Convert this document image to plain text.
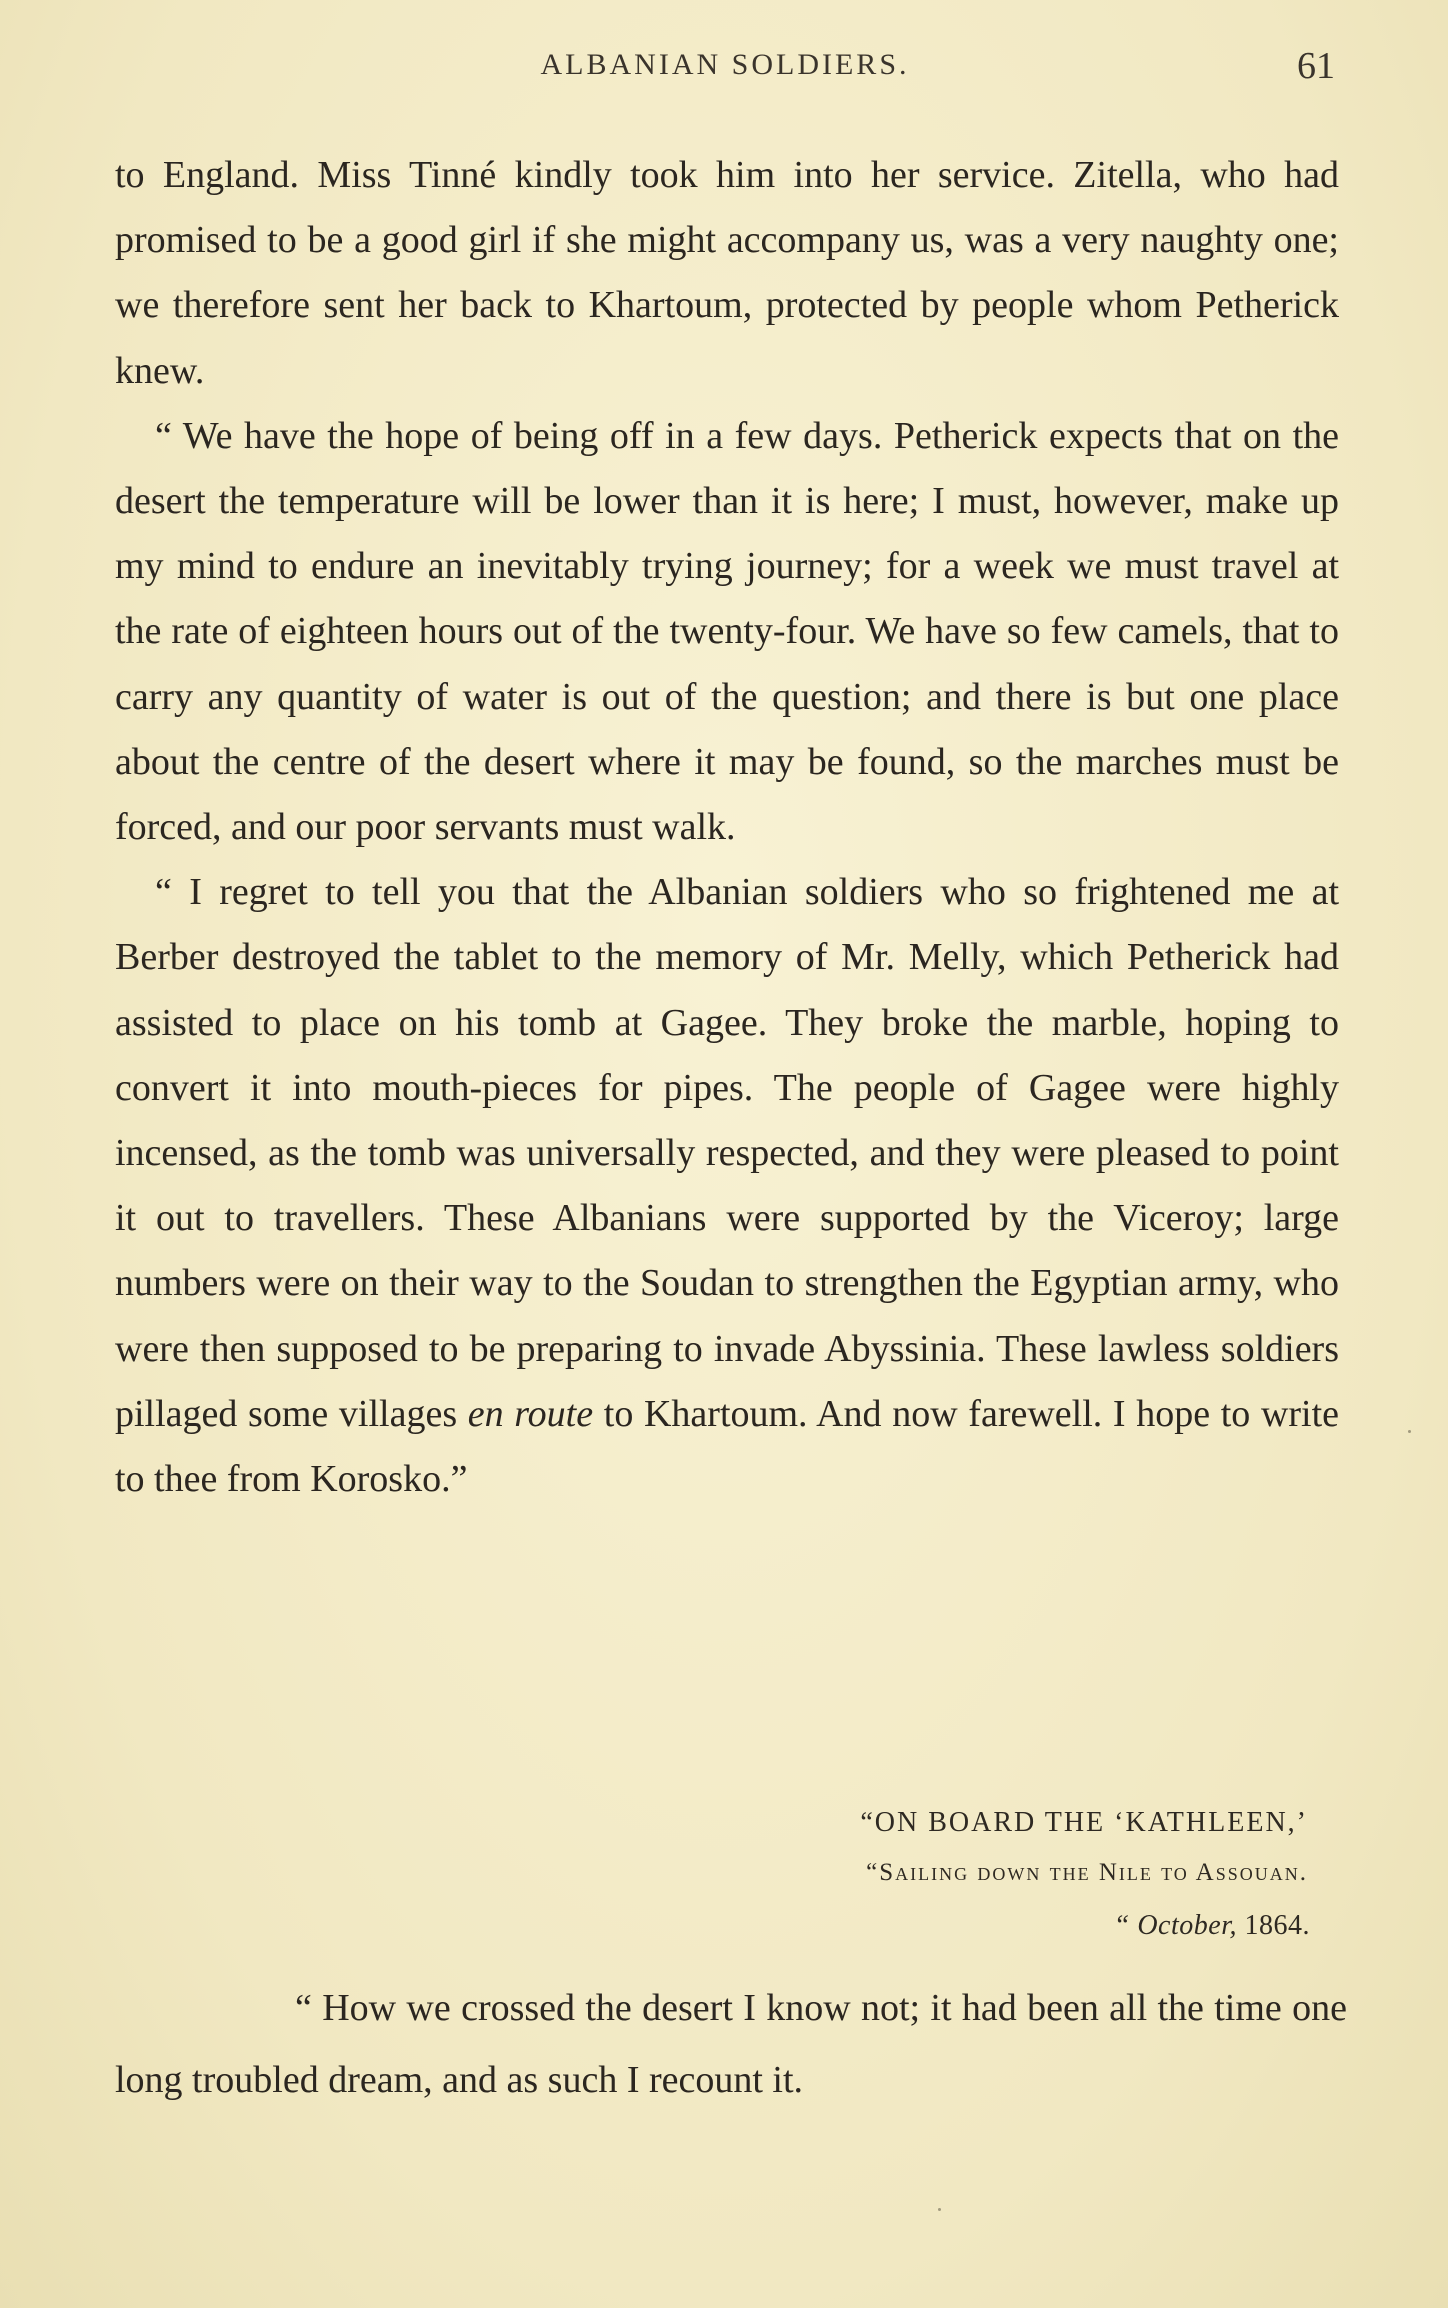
ALBANIAN SOLDIERS.	61

to England. Miss Tinné kindly took him into her service. Zitella, who had promised to be a good girl if she might accompany us, was a very naughty one; we therefore sent her back to Khartoum, protected by people whom Petherick knew.

“ We have the hope of being off in a few days. Petherick expects that on the desert the temperature will be lower than it is here; I must, however, make up my mind to endure an inevitably trying journey; for a week we must travel at the rate of eighteen hours out of the twenty-four. We have so few camels, that to carry any quantity of water is out of the question; and there is but one place about the centre of the desert where it may be found, so the marches must be forced, and our poor servants must walk.

“ I regret to tell you that the Albanian soldiers who so frightened me at Berber destroyed the tablet to the memory of Mr. Melly, which Petherick had assisted to place on his tomb at Gagee. They broke the marble, hoping to convert it into mouth-pieces for pipes. The people of Gagee were highly incensed, as the tomb was universally respected, and they were pleased to point it out to travellers. These Albanians were supported by the Viceroy; large numbers were on their way to the Soudan to strengthen the Egyptian army, who were then supposed to be preparing to invade Abyssinia. These lawless soldiers pillaged some villages en route to Khartoum. And now farewell. I hope to write to thee from Korosko.”

“ON BOARD THE ‘KATHLEEN,’
“Sailing down the Nile to Assouan.
“ October, 1864.

“ How we crossed the desert I know not; it had been all the time one long troubled dream, and as such I recount it.
